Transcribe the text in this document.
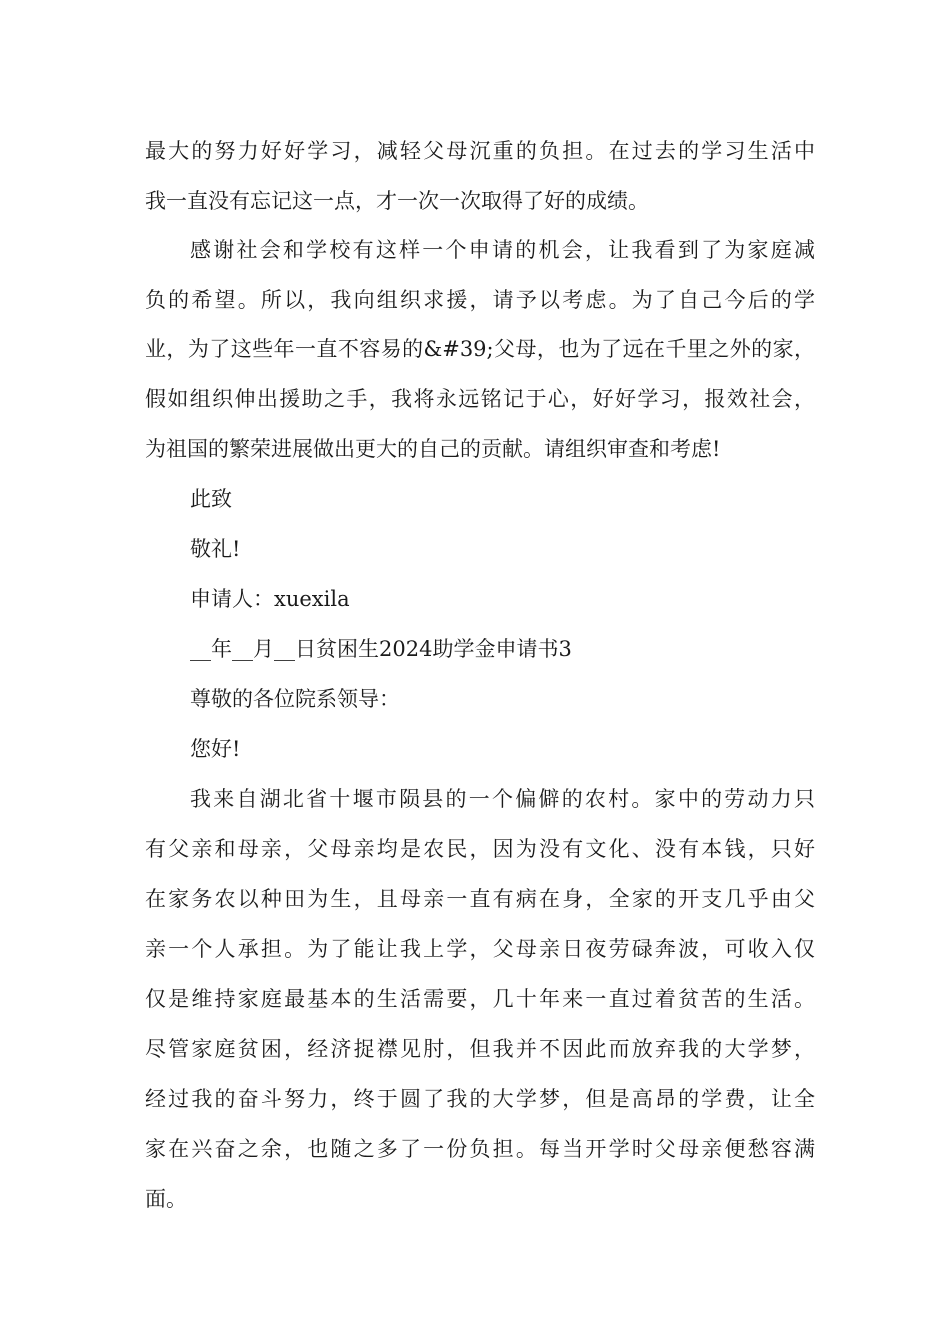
最大的努力好好学习，减轻父母沉重的负担。在过去的学习生活中
我一直没有忘记这一点，才一次一次取得了好的成绩。
感谢社会和学校有这样一个申请的机会，让我看到了为家庭减
负的希望。所以，我向组织求援，请予以考虑。为了自己今后的学
业，为了这些年一直不容易的&#39;父母，也为了远在千里之外的家，
假如组织伸出援助之手，我将永远铭记于心，好好学习，报效社会，
为祖国的繁荣进展做出更大的自己的贡献。请组织审查和考虑!
此致
敬礼!
申请人：xuexila
__年__月__日贫困生2024助学金申请书3
尊敬的各位院系领导：
您好!
我来自湖北省十堰市陨县的一个偏僻的农村。家中的劳动力只
有父亲和母亲，父母亲均是农民，因为没有文化、没有本钱，只好
在家务农以种田为生，且母亲一直有病在身，全家的开支几乎由父
亲一个人承担。为了能让我上学，父母亲日夜劳碌奔波，可收入仅
仅是维持家庭最基本的生活需要，几十年来一直过着贫苦的生活。
尽管家庭贫困，经济捉襟见肘，但我并不因此而放弃我的大学梦，
经过我的奋斗努力，终于圆了我的大学梦，但是高昂的学费，让全
家在兴奋之余，也随之多了一份负担。每当开学时父母亲便愁容满
面。
